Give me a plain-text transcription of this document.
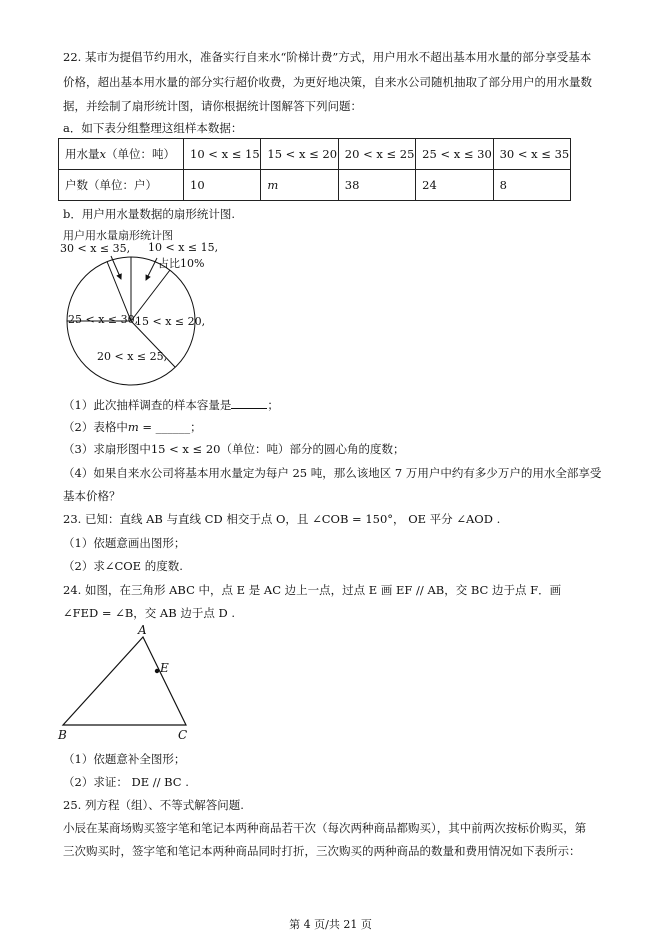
22. 某市为提倡节约用水，准备实行自来水“阶梯计费”方式，用户用水不超出基本用水量的部分享受基本
价格，超出基本用水量的部分实行超价收费，为更好地决策，自来水公司随机抽取了部分用户的用水量数
据，并绘制了扇形统计图，请你根据统计图解答下列问题：
a．如下表分组整理这组样本数据：
用水量x（单位：吨）	10 < x ≤ 15	15 < x ≤ 20	20 < x ≤ 25	25 < x ≤ 30	30 < x ≤ 35
户数（单位：户）	10	m	38	24	8
b．用户用水量数据的扇形统计图.
用户用水量扇形统计图
30 < x ≤ 35, 10 < x ≤ 15,
占比10%
25 < x ≤ 30,
15 < x ≤ 20,
20 < x ≤ 25,
（1）此次抽样调查的样本容量是	；
（2）表格中m = ______；
（3）求扇形图中15 < x ≤ 20（单位：吨）部分的圆心角的度数；
（4）如果自来水公司将基本用水量定为每户 25 吨，那么该地区 7 万用户中约有多少万户的用水全部享受
基本价格？
23. 已知：直线 AB 与直线 CD 相交于点 O，且 ∠COB = 150°， OE 平分 ∠AOD .
（1）依题意画出图形；
（2）求∠COE 的度数.
24. 如图，在三角形 ABC 中，点 E 是 AC 边上一点，过点 E 画 EF // AB，交 BC 边于点 F．画
∠FED = ∠B，交 AB 边于点 D .
A
E
B	C
（1）依题意补全图形；
（2）求证： DE // BC .
25. 列方程（组）、不等式解答问题.
小辰在某商场购买签字笔和笔记本两种商品若干次（每次两种商品都购买），其中前两次按标价购买，第
三次购买时，签字笔和笔记本两种商品同时打折，三次购买的两种商品的数量和费用情况如下表所示：
第 4 页/共 21 页
